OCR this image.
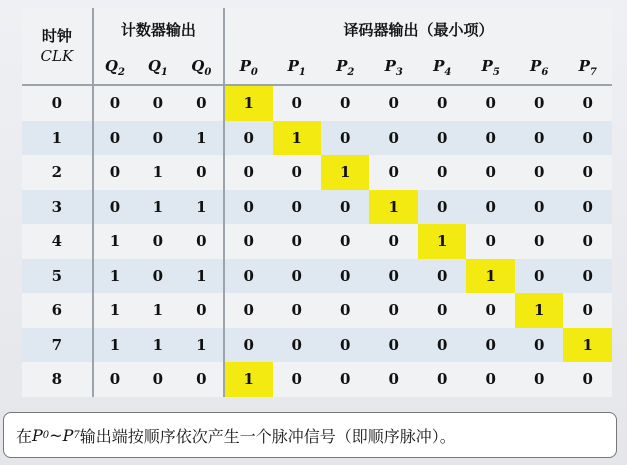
时钟
CLK	计数器输出			译码器输出（最小项）							
	$Q_2$	$Q_1$	$Q_0$	$P_0$	$P_1$	$P_2$	$P_3$	$P_4$	$P_5$	$P_6$	$P_7$
0	0	0	0	1	0	0	0	0	0	0	0
1	0	0	1	0	1	0	0	0	0	0	0
2	0	1	0	0	0	1	0	0	0	0	0
3	0	1	1	0	0	0	1	0	0	0	0
4	1	0	0	0	0	0	0	1	0	0	0
5	1	0	1	0	0	0	0	0	1	0	0
6	1	1	0	0	0	0	0	0	0	1	0
7	1	1	1	0	0	0	0	0	0	0	1
8	0	0	0	1	0	0	0	0	0	0	0
在 P 0 ~ P 7 输出端按顺序依次产生一个脉冲信号（即顺序脉冲）。
